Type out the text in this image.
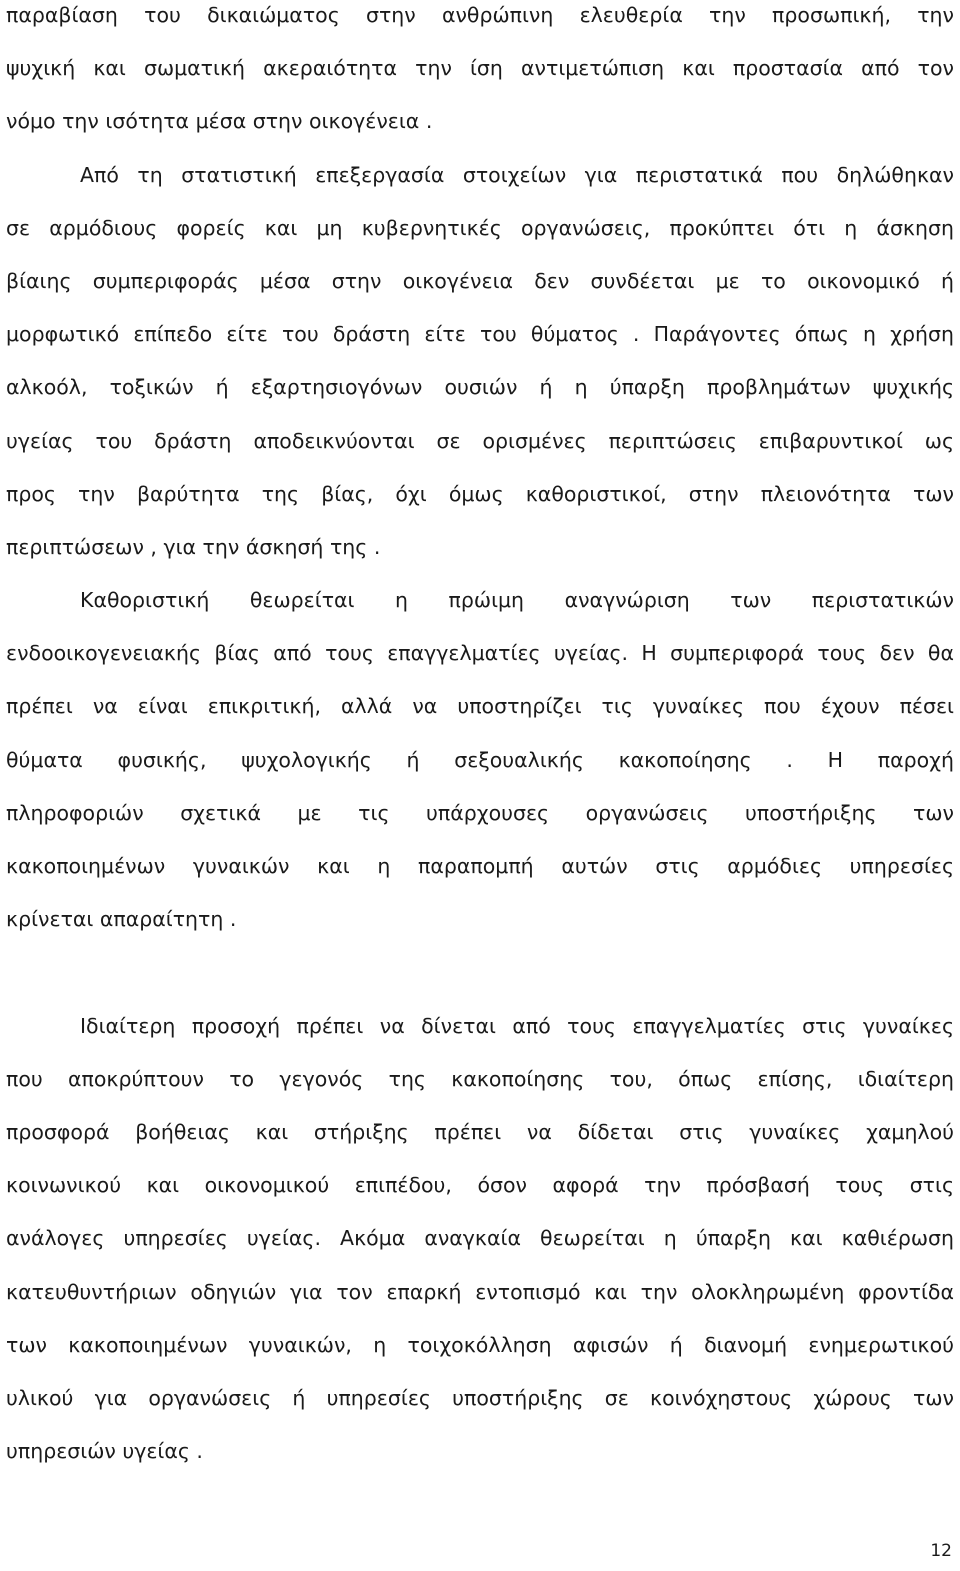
παραβίαση του δικαιώματος στην ανθρώπινη ελευθερία την προσωπική, την
ψυχική και σωματική ακεραιότητα την ίση αντιμετώπιση και προστασία από τον
νόμο την ισότητα μέσα στην οικογένεια .
Από τη στατιστική επεξεργασία στοιχείων για περιστατικά που δηλώθηκαν
σε αρμόδιους φορείς και μη κυβερνητικές οργανώσεις, προκύπτει ότι η άσκηση
βίαιης συμπεριφοράς μέσα στην οικογένεια δεν συνδέεται με το οικονομικό ή
μορφωτικό επίπεδο είτε του δράστη είτε του θύματος . Παράγοντες όπως η χρήση
αλκοόλ, τοξικών ή εξαρτησιογόνων ουσιών ή η ύπαρξη προβλημάτων ψυχικής
υγείας του δράστη αποδεικνύονται σε ορισμένες περιπτώσεις επιβαρυντικοί ως
προς την βαρύτητα της βίας, όχι όμως καθοριστικοί, στην πλειονότητα των
περιπτώσεων , για την άσκησή της .
Καθοριστική θεωρείται η πρώιμη αναγνώριση των περιστατικών
ενδοοικογενειακής βίας από τους επαγγελματίες υγείας. Η συμπεριφορά τους δεν θα
πρέπει να είναι επικριτική, αλλά να υποστηρίζει τις γυναίκες που έχουν πέσει
θύματα φυσικής, ψυχολογικής ή σεξουαλικής κακοποίησης . Η παροχή
πληροφοριών σχετικά με τις υπάρχουσες οργανώσεις υποστήριξης των
κακοποιημένων γυναικών και η παραπομπή αυτών στις αρμόδιες υπηρεσίες
κρίνεται απαραίτητη .
Ιδιαίτερη προσοχή πρέπει να δίνεται από τους επαγγελματίες στις γυναίκες
που αποκρύπτουν το γεγονός της κακοποίησης του, όπως επίσης, ιδιαίτερη
προσφορά βοήθειας και στήριξης πρέπει να δίδεται στις γυναίκες χαμηλού
κοινωνικού και οικονομικού επιπέδου, όσον αφορά την πρόσβασή τους στις
ανάλογες υπηρεσίες υγείας. Ακόμα αναγκαία θεωρείται η ύπαρξη και καθιέρωση
κατευθυντήριων οδηγιών για τον επαρκή εντοπισμό και την ολοκληρωμένη φροντίδα
των κακοποιημένων γυναικών, η τοιχοκόλληση αφισών ή διανομή ενημερωτικού
υλικού για οργανώσεις ή υπηρεσίες υποστήριξης σε κοινόχηστους χώρους των
υπηρεσιών υγείας .
12
